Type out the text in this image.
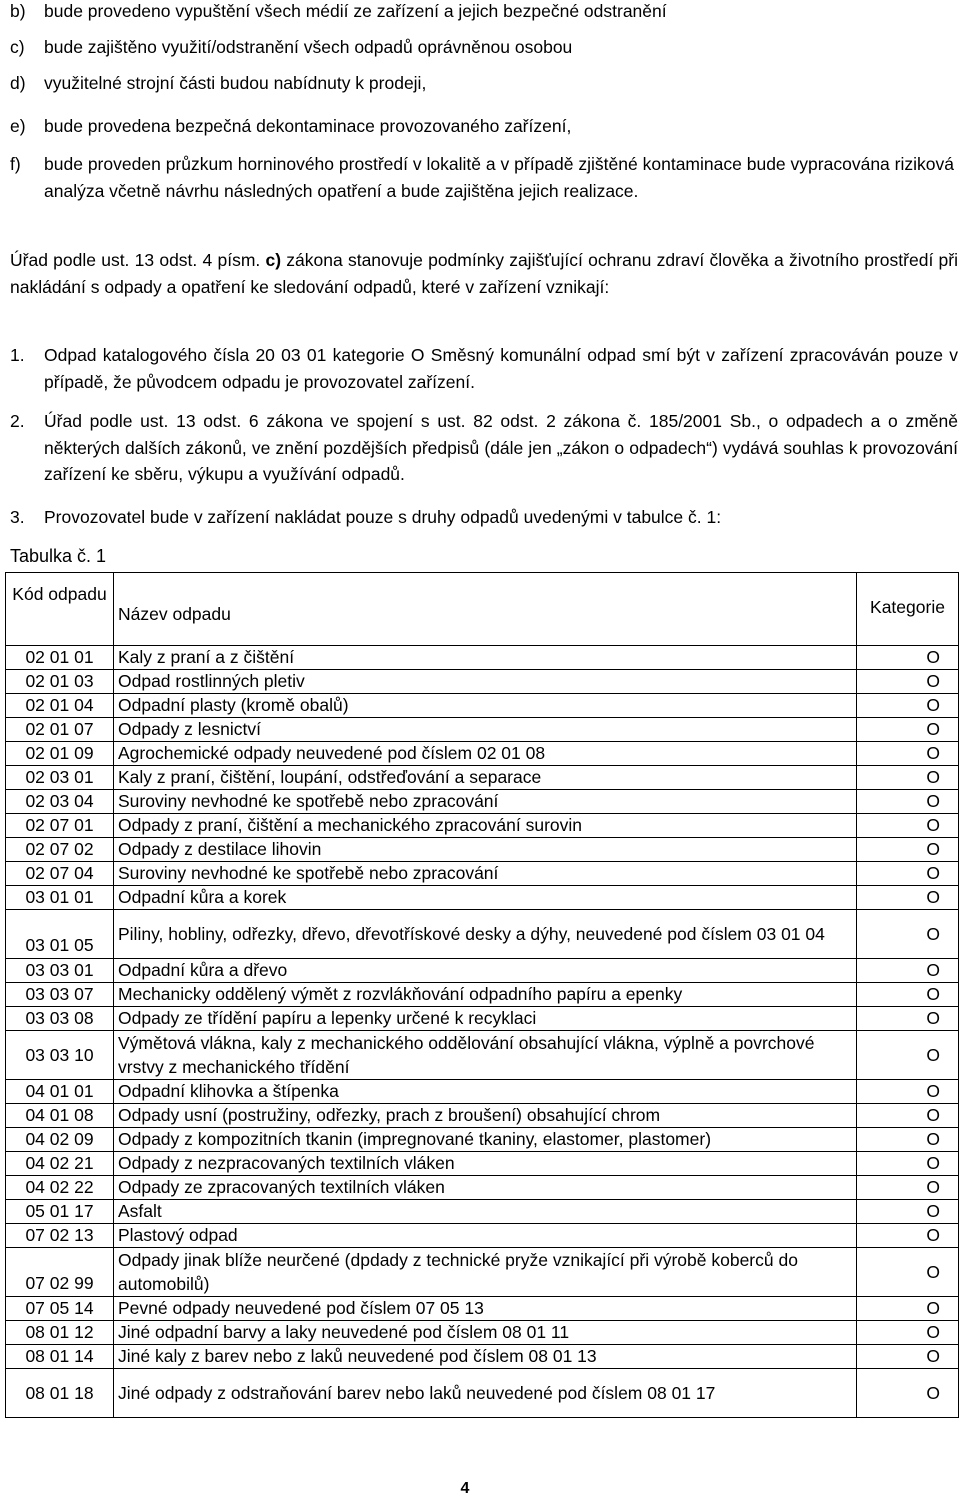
b) bude provedeno vypuštění všech médií ze zařízení a jejich bezpečné odstranění
c) bude zajištěno využití/odstranění všech odpadů oprávněnou osobou
d) využitelné strojní části budou nabídnuty k prodeji,
e) bude provedena bezpečná dekontaminace provozovaného zařízení,
f)	bude proveden průzkum horninového prostředí v lokalitě a v případě zjištěné kontaminace bude vypracována riziková analýza včetně návrhu následných opatření a bude zajištěna jejich realizace.
Úřad podle ust. 13 odst. 4 písm. c) zákona stanovuje podmínky zajišťující ochranu zdraví člověka a životního prostředí při nakládání s odpady a opatření ke sledování odpadů, které v zařízení vznikají:
1.	Odpad katalogového čísla 20 03 01 kategorie O Směsný komunální odpad smí být v zařízení zpracováván pouze v případě, že původcem odpadu je provozovatel zařízení.
2.	Úřad podle ust. 13 odst. 6 zákona ve spojení s ust. 82 odst. 2 zákona č. 185/2001 Sb., o odpadech a o změně některých dalších zákonů, ve znění pozdějších předpisů (dále jen „zákon o odpadech“) vydává souhlas k provozování zařízení ke sběru, výkupu a využívání odpadů.
3.	Provozovatel bude v zařízení nakládat pouze s druhy odpadů uvedenými v tabulce č. 1:
Tabulka č. 1
Kód odpadu	Název odpadu	Kategorie
02 01 01	Kaly z praní a z čištění	O
02 01 03	Odpad rostlinných pletiv	O
02 01 04	Odpadní plasty (kromě obalů)	O
02 01 07	Odpady z lesnictví	O
02 01 09	Agrochemické odpady neuvedené pod číslem 02 01 08	O
02 03 01	Kaly z praní, čištění, loupání, odstřeďování a separace	O
02 03 04	Suroviny nevhodné ke spotřebě nebo zpracování	O
02 07 01	Odpady z praní, čištění a mechanického zpracování surovin	O
02 07 02	Odpady z destilace lihovin	O
02 07 04	Suroviny nevhodné ke spotřebě nebo zpracování	O
03 01 01	Odpadní kůra a korek	O
03 01 05	Piliny, hobliny, odřezky, dřevo, dřevotřískové desky a dýhy, neuvedené pod číslem 03 01 04	O
03 03 01	Odpadní kůra a dřevo	O
03 03 07	Mechanicky oddělený výmět z rozvlákňování odpadního papíru a epenky	O
03 03 08	Odpady ze třídění papíru a lepenky určené k recyklaci	O
03 03 10	Výmětová vlákna, kaly z mechanického oddělování obsahující vlákna, výplně a povrchové vrstvy z mechanického třídění	O
04 01 01	Odpadní klihovka a štípenka	O
04 01 08	Odpady usní (postružiny, odřezky, prach z broušení) obsahující chrom	O
04 02 09	Odpady z kompozitních tkanin (impregnované tkaniny, elastomer, plastomer)	O
04 02 21	Odpady z nezpracovaných textilních vláken	O
04 02 22	Odpady ze zpracovaných textilních vláken	O
05 01 17	Asfalt	O
07 02 13	Plastový odpad	O
07 02 99	Odpady jinak blíže neurčené (dpdady z technické pryže vznikající při výrobě koberců do automobilů)	O
07 05 14	Pevné odpady neuvedené pod číslem 07 05 13	O
08 01 12	Jiné odpadní barvy a laky neuvedené pod číslem 08 01 11	O
08 01 14	Jiné kaly z barev nebo z laků neuvedené pod číslem 08 01 13	O
08 01 18	Jiné odpady z odstraňování barev nebo laků neuvedené pod číslem 08 01 17	O
4
